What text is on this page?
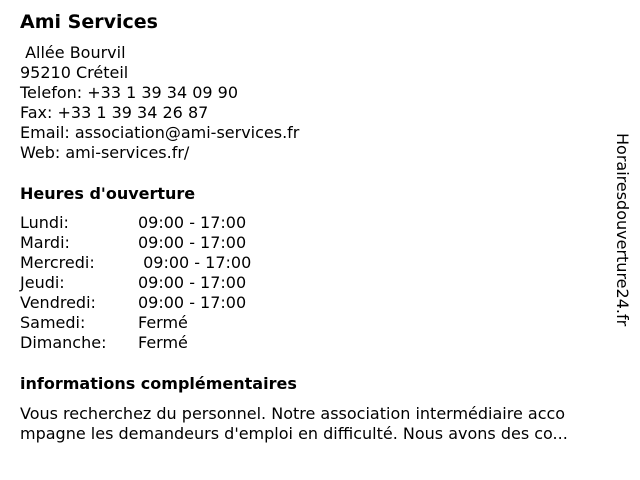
Ami Services
Allée Bourvil
95210 Créteil
Telefon: +33 1 39 34 09 90
Fax: +33 1 39 34 26 87
Email: association@ami-services.fr
Web: ami-services.fr/
Heures d'ouverture
Lundi:	09:00 - 17:00
Mardi:	09:00 - 17:00
Mercredi:	09:00 - 17:00
Jeudi:	09:00 - 17:00
Vendredi:	09:00 - 17:00
Samedi:	Fermé
Dimanche:	Fermé
informations complémentaires
Vous recherchez du personnel. Notre association intermédiaire acco
mpagne les demandeurs d'emploi en difficulté. Nous avons des co...
Horairesdouverture24.fr
